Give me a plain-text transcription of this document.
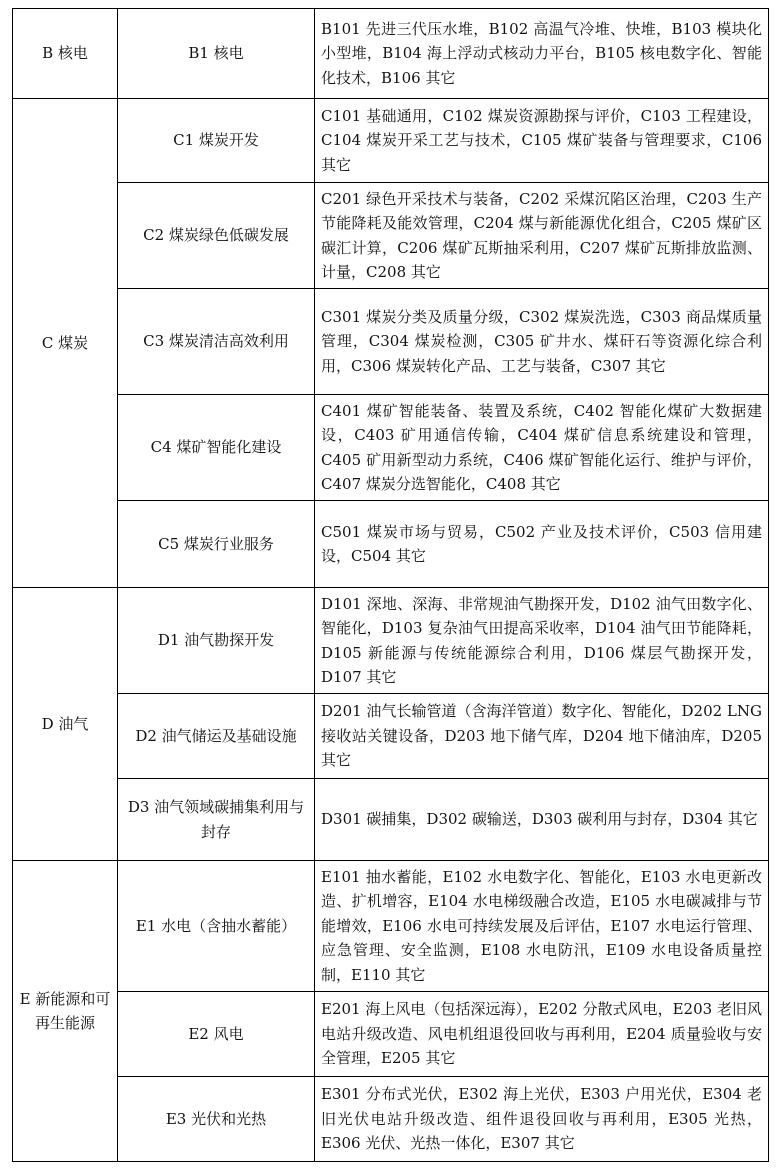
B 核电	B1 核电	B101 先进三代压水堆，B102 高温气冷堆、快堆，B103 模块化小型堆，B104 海上浮动式核动力平台，B105 核电数字化、智能化技术，B106 其它
C 煤炭	C1 煤炭开发	C101 基础通用，C102 煤炭资源勘探与评价，C103 工程建设，C104 煤炭开采工艺与技术，C105 煤矿装备与管理要求，C106 其它
	C2 煤炭绿色低碳发展	C201 绿色开采技术与装备，C202 采煤沉陷区治理，C203 生产节能降耗及能效管理，C204 煤与新能源优化组合，C205 煤矿区碳汇计算，C206 煤矿瓦斯抽采利用，C207 煤矿瓦斯排放监测、计量，C208 其它
	C3 煤炭清洁高效利用	C301 煤炭分类及质量分级，C302 煤炭洗选，C303 商品煤质量管理，C304 煤炭检测，C305 矿井水、煤矸石等资源化综合利用，C306 煤炭转化产品、工艺与装备，C307 其它
	C4 煤矿智能化建设	C401 煤矿智能装备、装置及系统，C402 智能化煤矿大数据建设，C403 矿用通信传输，C404 煤矿信息系统建设和管理，C405 矿用新型动力系统，C406 煤矿智能化运行、维护与评价，C407 煤炭分选智能化，C408 其它
	C5 煤炭行业服务	C501 煤炭市场与贸易，C502 产业及技术评价，C503 信用建设，C504 其它
D 油气	D1 油气勘探开发	D101 深地、深海、非常规油气勘探开发，D102 油气田数字化、智能化，D103 复杂油气田提高采收率，D104 油气田节能降耗，D105 新能源与传统能源综合利用，D106 煤层气勘探开发，D107 其它
	D2 油气储运及基础设施	D201 油气长输管道（含海洋管道）数字化、智能化，D202 LNG 接收站关键设备，D203 地下储气库，D204 地下储油库，D205 其它
	D3 油气领域碳捕集利用与封存	D301 碳捕集，D302 碳输送，D303 碳利用与封存，D304 其它
E 新能源和可再生能源	E1 水电（含抽水蓄能）	E101 抽水蓄能，E102 水电数字化、智能化，E103 水电更新改造、扩机增容，E104 水电梯级融合改造，E105 水电碳减排与节能增效，E106 水电可持续发展及后评估，E107 水电运行管理、应急管理、安全监测，E108 水电防汛，E109 水电设备质量控制，E110 其它
	E2 风电	E201 海上风电（包括深远海），E202 分散式风电，E203 老旧风电站升级改造、风电机组退役回收与再利用，E204 质量验收与安全管理，E205 其它
	E3 光伏和光热	E301 分布式光伏，E302 海上光伏，E303 户用光伏，E304 老旧光伏电站升级改造、组件退役回收与再利用，E305 光热，E306 光伏、光热一体化，E307 其它
